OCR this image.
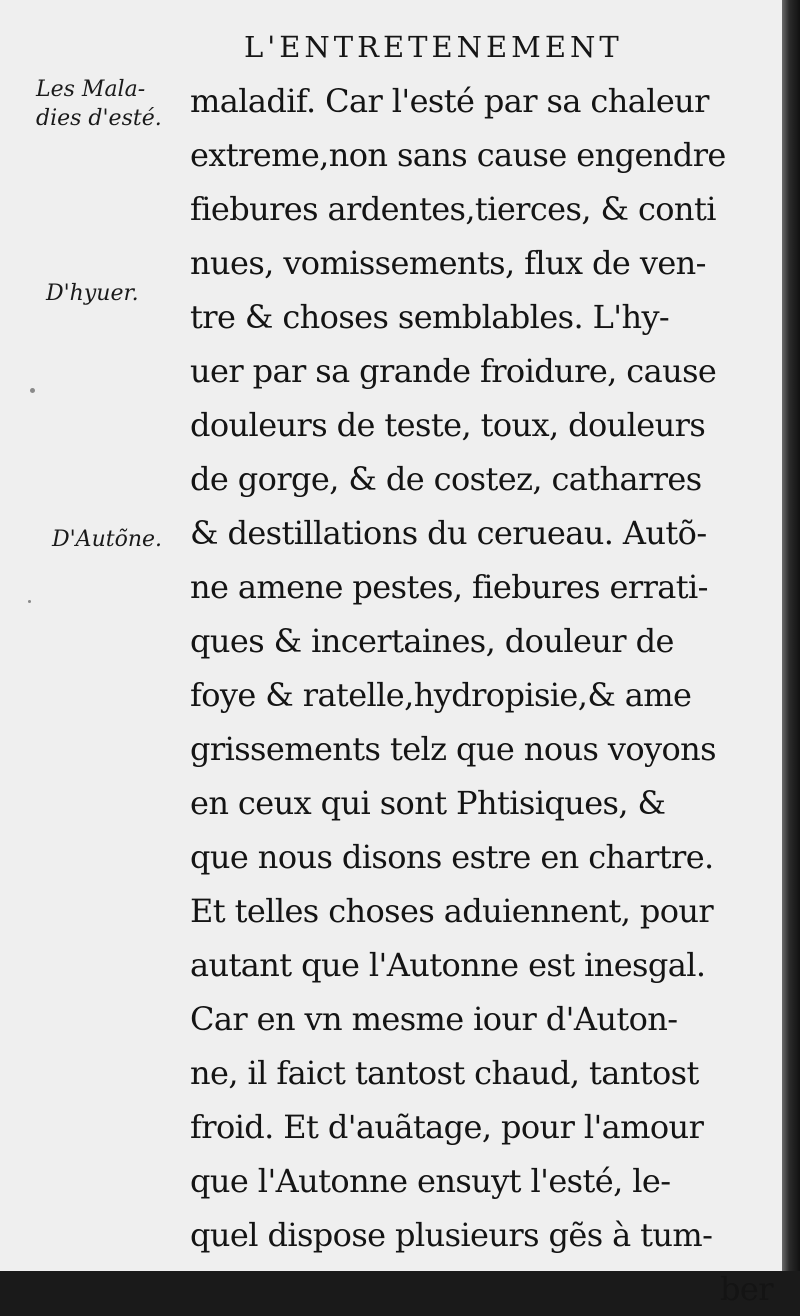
L'ENTRETENEMENT
Les Mala-
dies d'esté.
D'hyuer.
D'Autõne.
maladif. Car l'esté par sa chaleur
extreme,non sans cause engendre
fiebures ardentes,tierces, & conti
nues, vomissements, flux de ven-
tre & choses semblables. L'hy-
uer par sa grande froidure, cause
douleurs de teste, toux, douleurs
de gorge, & de costez, catharres
& destillations du cerueau. Autõ-
ne amene pestes, fiebures errati-
ques & incertaines, douleur de
foye & ratelle,hydropisie,& ame
grissements telz que nous voyons
en ceux qui sont Phtisiques, &
que nous disons estre en chartre.
Et telles choses aduiennent, pour
autant que l'Autonne est inesgal.
Car en vn mesme iour d'Auton-
ne, il faict tantost chaud, tantost
froid. Et d'auãtage, pour l'amour
que l'Autonne ensuyt l'esté, le-
quel dispose plusieurs gẽs à tum-
ber
